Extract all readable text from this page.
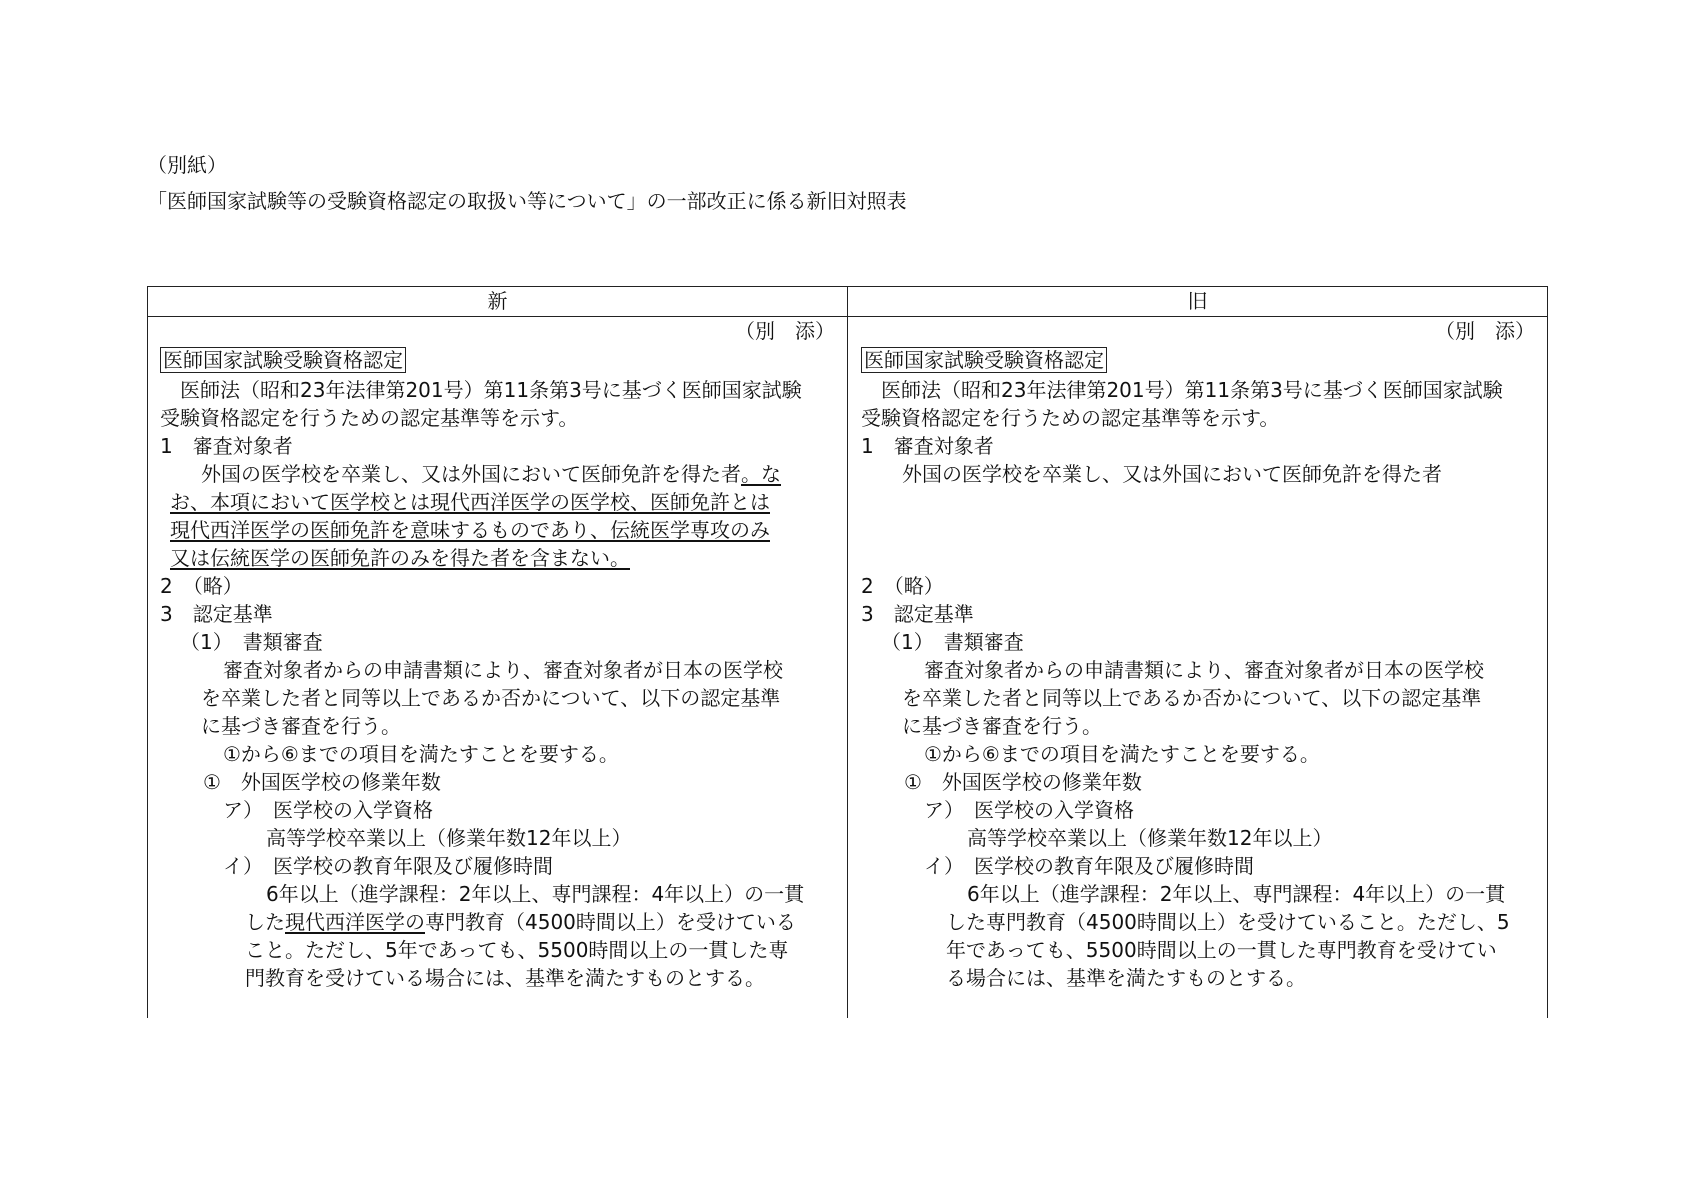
（別紙）
「医師国家試験等の受験資格認定の取扱い等について」の一部改正に係る新旧対照表
新	旧
（別　添）
医師国家試験受験資格認定
医師法（昭和23年法律第201号）第11条第3号に基づく医師国家試験
受験資格認定を行うための認定基準等を示す。
1　審査対象者
外国の医学校を卒業し、又は外国において医師免許を得た者。な
お、本項において医学校とは現代西洋医学の医学校、医師免許とは
現代西洋医学の医師免許を意味するものであり、伝統医学専攻のみ
又は伝統医学の医師免許のみを得た者を含まない。
2　（略）
3　認定基準
（1）　書類審査
審査対象者からの申請書類により、審査対象者が日本の医学校
を卒業した者と同等以上であるか否かについて、以下の認定基準
に基づき審査を行う。
①から⑥までの項目を満たすことを要する。
①　外国医学校の修業年数
ア）　医学校の入学資格
高等学校卒業以上（修業年数12年以上）
イ）　医学校の教育年限及び履修時間
6年以上（進学課程：2年以上、専門課程：4年以上）の一貫
した現代西洋医学の専門教育（4500時間以上）を受けている
こと。ただし、5年であっても、5500時間以上の一貫した専
門教育を受けている場合には、基準を満たすものとする。
（別　添）
医師国家試験受験資格認定
医師法（昭和23年法律第201号）第11条第3号に基づく医師国家試験
受験資格認定を行うための認定基準等を示す。
1　審査対象者
外国の医学校を卒業し、又は外国において医師免許を得た者
2　（略）
3　認定基準
（1）　書類審査
審査対象者からの申請書類により、審査対象者が日本の医学校
を卒業した者と同等以上であるか否かについて、以下の認定基準
に基づき審査を行う。
①から⑥までの項目を満たすことを要する。
①　外国医学校の修業年数
ア）　医学校の入学資格
高等学校卒業以上（修業年数12年以上）
イ）　医学校の教育年限及び履修時間
6年以上（進学課程：2年以上、専門課程：4年以上）の一貫
した専門教育（4500時間以上）を受けていること。ただし、5
年であっても、5500時間以上の一貫した専門教育を受けてい
る場合には、基準を満たすものとする。
